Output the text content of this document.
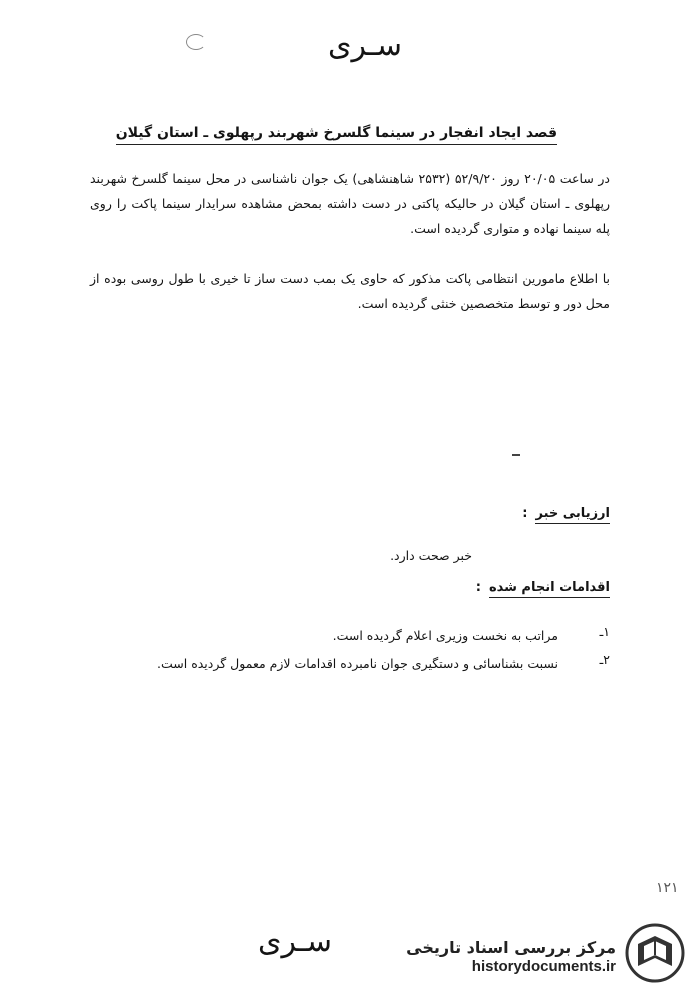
سـری
قصد ایجاد انفجار در سینما گلسرخ شهربند رپهلوی ـ استان گیلان
در ساعت ۲۰/۰۵ روز ۵۲/۹/۲۰ (۲۵۳۲ شاهنشاهی) یک جوان ناشناسی در محل سینما گلسرخ شهربند رپهلوی ـ استان گیلان در حالیکه پاکتی در دست داشته بمحض مشاهده سرایدار سینما پاکت را روی پله سینما نهاده و متواری گردیده است.
با اطلاع مامورین انتظامی پاکت مذکور که حاوی یک بمب دست ساز تا خیری با طول روسی بوده از محل دور و توسط متخصصین خنثی گردیده است.
ارزیابی خبر:
خبر صحت دارد.
اقدامات انجام شده:
۱ـ
مراتب به نخست وزیری اعلام گردیده است.
۲ـ
نسبت بشناسائی و دستگیری جوان نامبرده اقدامات لازم معمول گردیده است.
۱۲۱
سـری	مرکز بررسی اسناد تاریخی
historydocuments.ir
